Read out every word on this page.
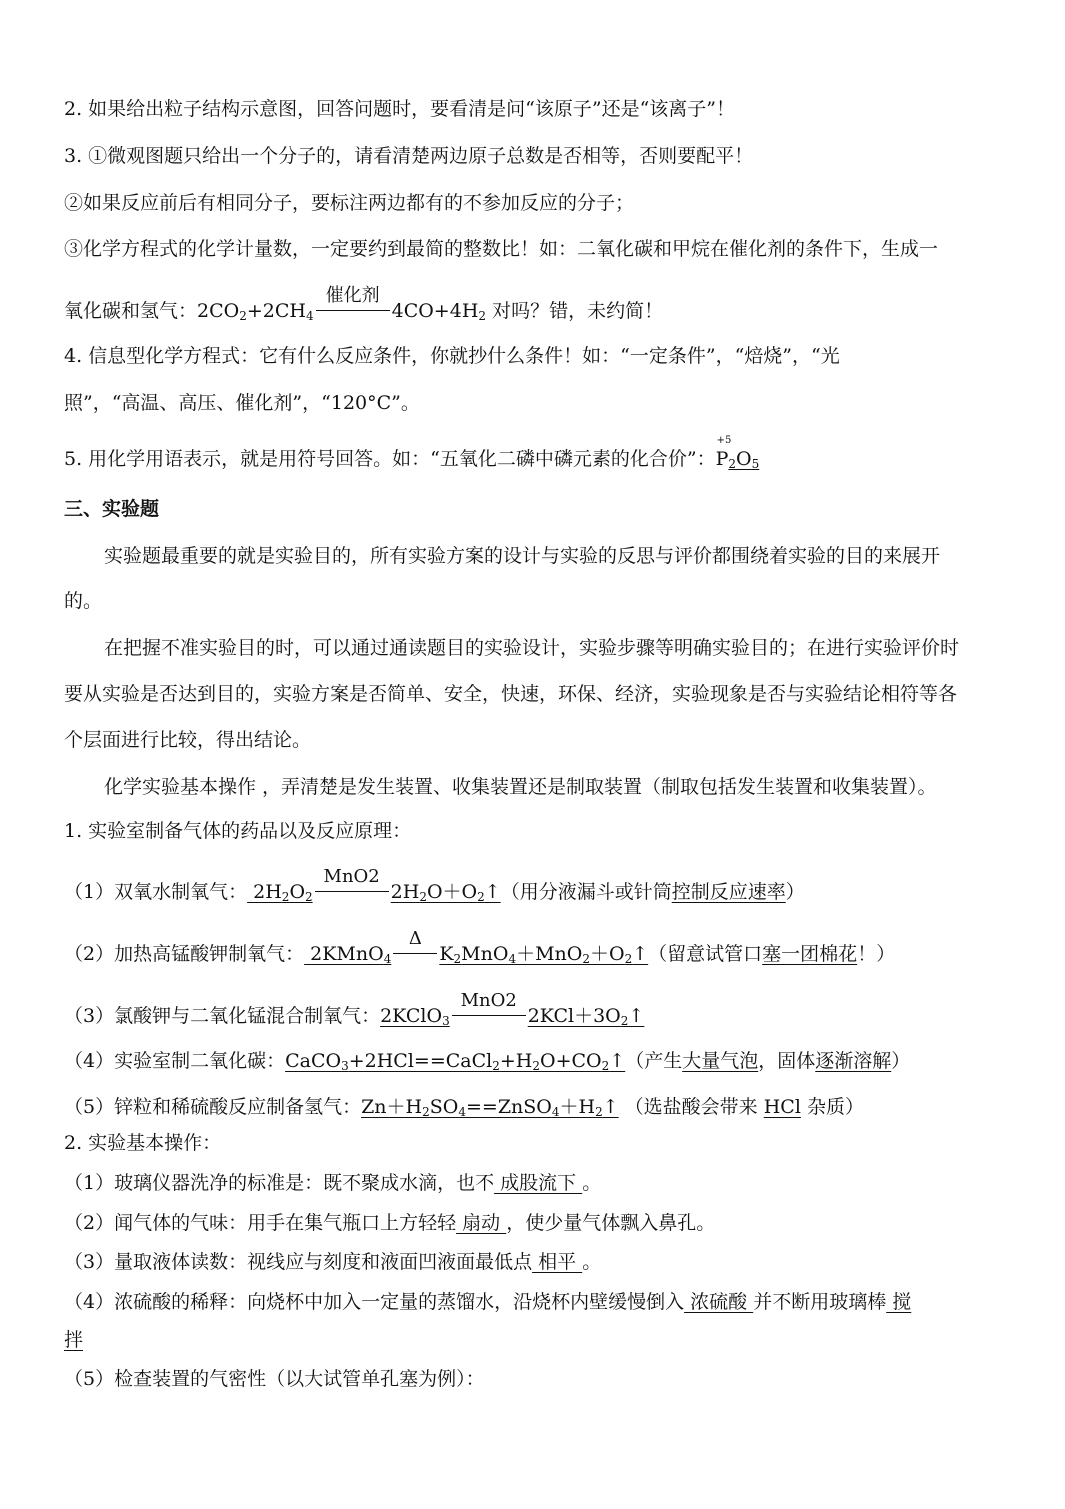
2. 如果给出粒子结构示意图，回答问题时，要看清是问“该原子”还是“该离子”！
3. ①微观图题只给出一个分子的，请看清楚两边原子总数是否相等，否则要配平！
②如果反应前后有相同分子，要标注两边都有的不参加反应的分子；
③化学方程式的化学计量数，一定要约到最简的整数比！如：二氧化碳和甲烷在催化剂的条件下，生成一
氧化碳和氢气：$2CO_2+2CH_4$
催化剂
$4CO+4H_2$ 对吗？错，未约简！
4. 信息型化学方程式：它有什么反应条件，你就抄什么条件！如：“一定条件”，“焙烧”，“光
照”，“高温、高压、催化剂”，“120°C”。
5. 用化学用语表示，就是用符号回答。如：“五氧化二磷中磷元素的化合价”：
+5
$P_2O_5$
三、实验题
实验题最重要的就是实验目的，所有实验方案的设计与实验的反思与评价都围绕着实验的目的来展开
的。
在把握不准实验目的时，可以通过通读题目的实验设计，实验步骤等明确实验目的；在进行实验评价时
要从实验是否达到目的，实验方案是否简单、安全，快速，环保、经济，实验现象是否与实验结论相符等各
个层面进行比较，得出结论。
化学实验基本操作 ，弄清楚是发生装置、收集装置还是制取装置（制取包括发生装置和收集装置）。
1. 实验室制备气体的药品以及反应原理：
（1）双氧水制氧气： $2H_2O_2$
MnO2
$2H_2O+O_2↑$（用分液漏斗或针筒控制反应速率）
（2）加热高锰酸钾制氧气： 2KMnO$_4$
Δ
$K_2MnO_4+MnO_2+O_2↑$（留意试管口塞一团棉花！）
（3）氯酸钾与二氧化锰混合制氧气：2KClO$_3$
MnO2
$2KCl+3O_2↑$
（4）实验室制二氧化碳：$CaCO_3+2HCl==CaCl_2+H_2O+CO_2↑$（产生大量气泡，固体逐渐溶解）
（5）锌粒和稀硫酸反应制备氢气：$Zn+H_2SO_4==ZnSO_4+H_2↑$ （选盐酸会带来 HCl 杂质）
2. 实验基本操作：
（1）玻璃仪器洗净的标准是：既不聚成水滴，也不 成股流下 。
（2）闻气体的气味：用手在集气瓶口上方轻轻 扇动 ，使少量气体飘入鼻孔。
（3）量取液体读数：视线应与刻度和液面凹液面最低点 相平 。
（4）浓硫酸的稀释：向烧杯中加入一定量的蒸馏水，沿烧杯内壁缓慢倒入 浓硫酸 并不断用玻璃棒 搅
拌
（5）检查装置的气密性（以大试管单孔塞为例）：
